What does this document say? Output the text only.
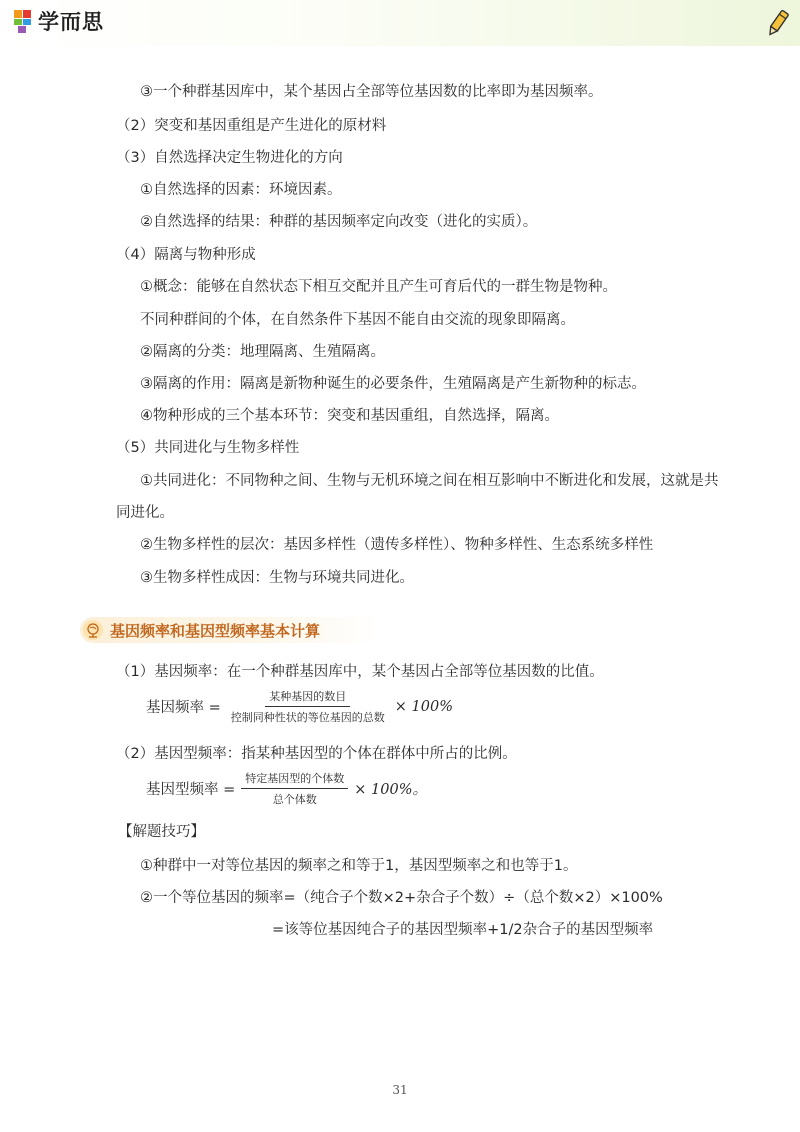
学而思
③一个种群基因库中，某个基因占全部等位基因数的比率即为基因频率。
（2）突变和基因重组是产生进化的原材料
（3）自然选择决定生物进化的方向
①自然选择的因素：环境因素。
②自然选择的结果：种群的基因频率定向改变（进化的实质）。
（4）隔离与物种形成
①概念：能够在自然状态下相互交配并且产生可育后代的一群生物是物种。
不同种群间的个体，在自然条件下基因不能自由交流的现象即隔离。
②隔离的分类：地理隔离、生殖隔离。
③隔离的作用：隔离是新物种诞生的必要条件，生殖隔离是产生新物种的标志。
④物种形成的三个基本环节：突变和基因重组，自然选择，隔离。
（5）共同进化与生物多样性
①共同进化：不同物种之间、生物与无机环境之间在相互影响中不断进化和发展，这就是共
同进化。
②生物多样性的层次：基因多样性（遗传多样性）、物种多样性、生态系统多样性
③生物多样性成因：生物与环境共同进化。
基因频率和基因型频率基本计算
（1）基因频率：在一个种群基因库中，某个基因占全部等位基因数的比值。
基因频率 = $\frac{\text{某种基因的数目}}{\text{控制同种性状的等位基因的总数}} \times 100\%$
（2）基因型频率：指某种基因型的个体在群体中所占的比例。
基因型频率 = $\frac{\text{特定基因型的个体数}}{\text{总个体数}} \times 100\%$。
【解题技巧】
①种群中一对等位基因的频率之和等于1，基因型频率之和也等于1。
②一个等位基因的频率=（纯合子个数×2+杂合子个数）÷（总个数×2）×100%
=该等位基因纯合子的基因型频率+1/2杂合子的基因型频率
31
